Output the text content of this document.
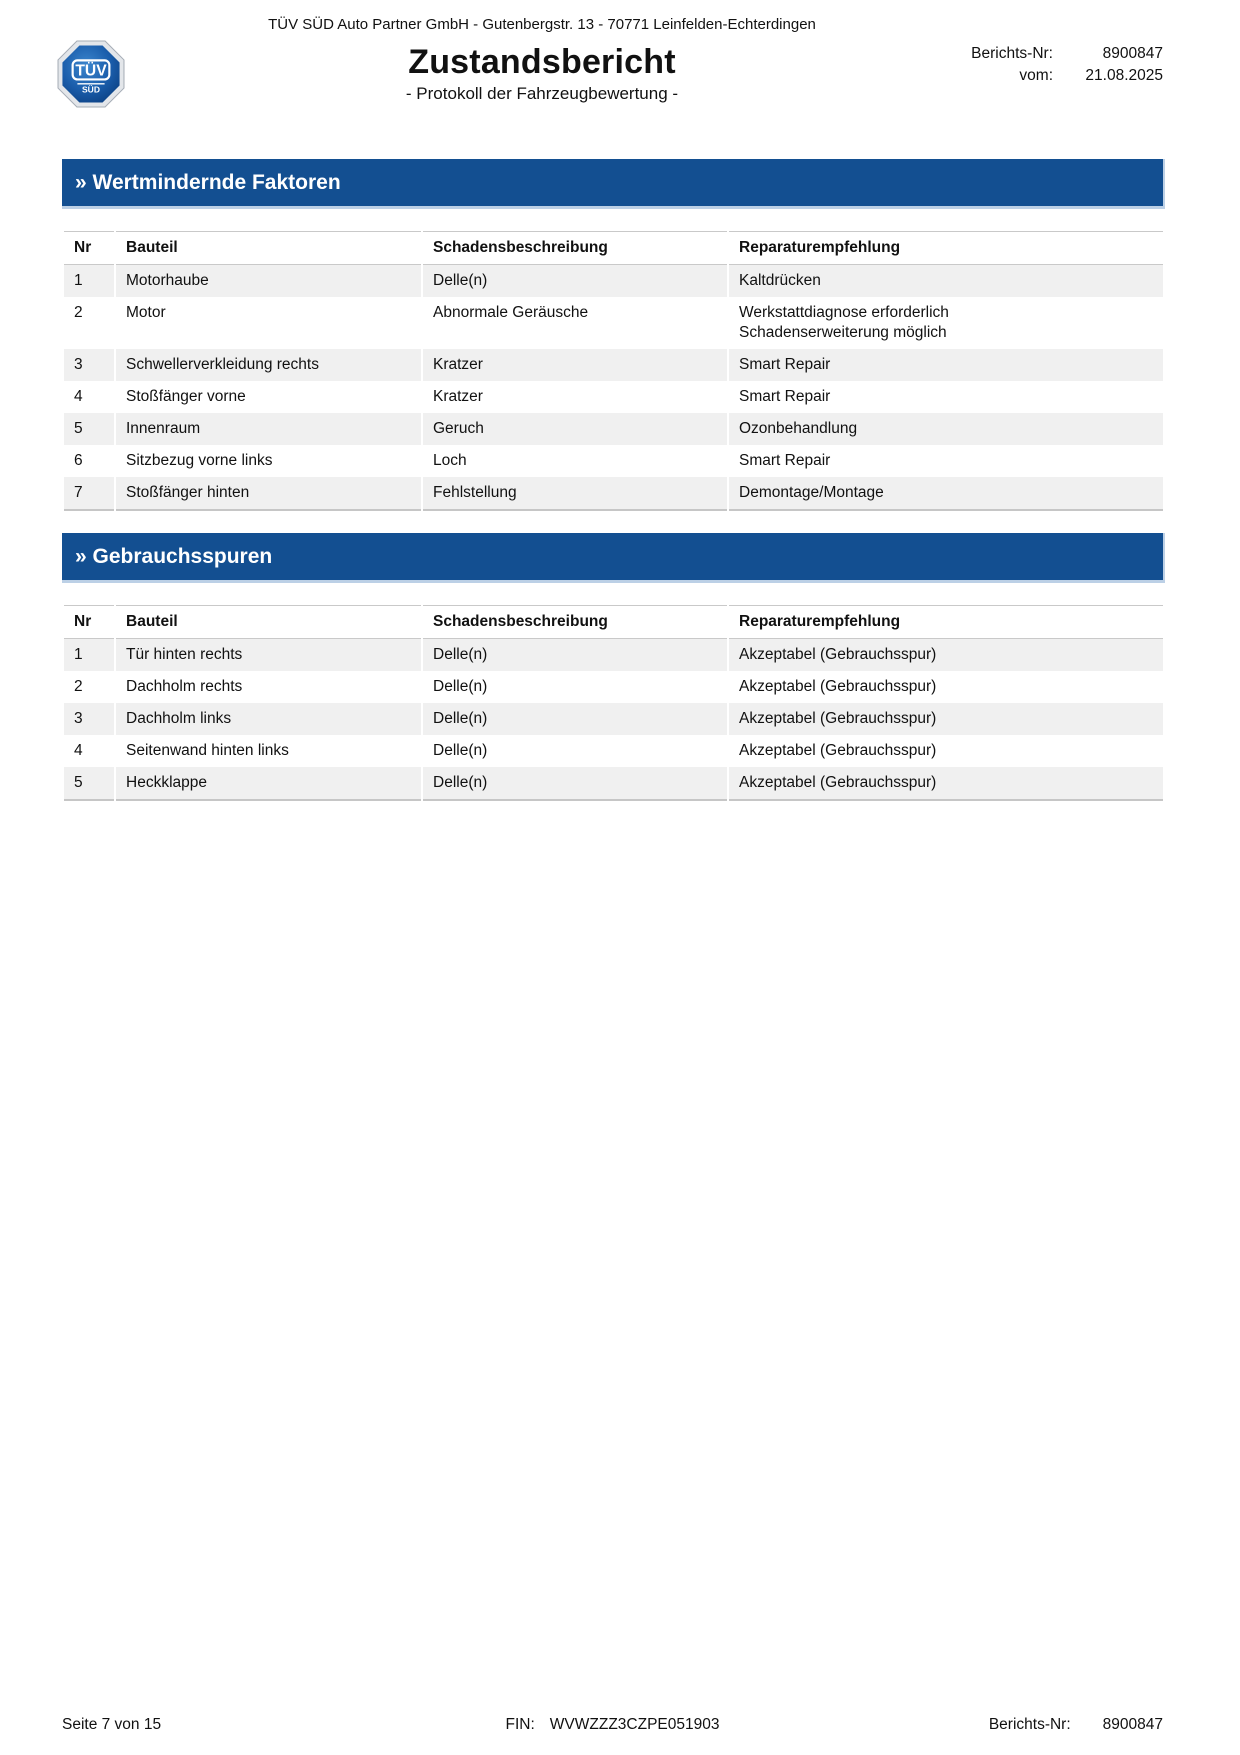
TÜV
SÜD
TÜV SÜD Auto Partner GmbH - Gutenbergstr. 13 - 70771 Leinfelden-Echterdingen
Zustandsbericht
- Protokoll der Fahrzeugbewertung -
Berichts-Nr:	8900847
vom:	21.08.2025
» Wertmindernde Faktoren
Nr	Bauteil	Schadensbeschreibung	Reparaturempfehlung

1	Motorhaube	Delle(n)	Kaltdrücken

2	Motor	Abnormale Geräusche	Werkstattdiagnose erforderlich
Schadenserweiterung möglich

3	Schwellerverkleidung rechts	Kratzer	Smart Repair

4	Stoßfänger vorne	Kratzer	Smart Repair

5	Innenraum	Geruch	Ozonbehandlung

6	Sitzbezug vorne links	Loch	Smart Repair

7	Stoßfänger hinten	Fehlstellung	Demontage/Montage
» Gebrauchsspuren
Nr	Bauteil	Schadensbeschreibung	Reparaturempfehlung

1	Tür hinten rechts	Delle(n)	Akzeptabel (Gebrauchsspur)

2	Dachholm rechts	Delle(n)	Akzeptabel (Gebrauchsspur)

3	Dachholm links	Delle(n)	Akzeptabel (Gebrauchsspur)

4	Seitenwand hinten links	Delle(n)	Akzeptabel (Gebrauchsspur)

5	Heckklappe	Delle(n)	Akzeptabel (Gebrauchsspur)
Seite 7 von 15	FIN: WVWZZZ3CZPE051903	Berichts-Nr: 8900847
